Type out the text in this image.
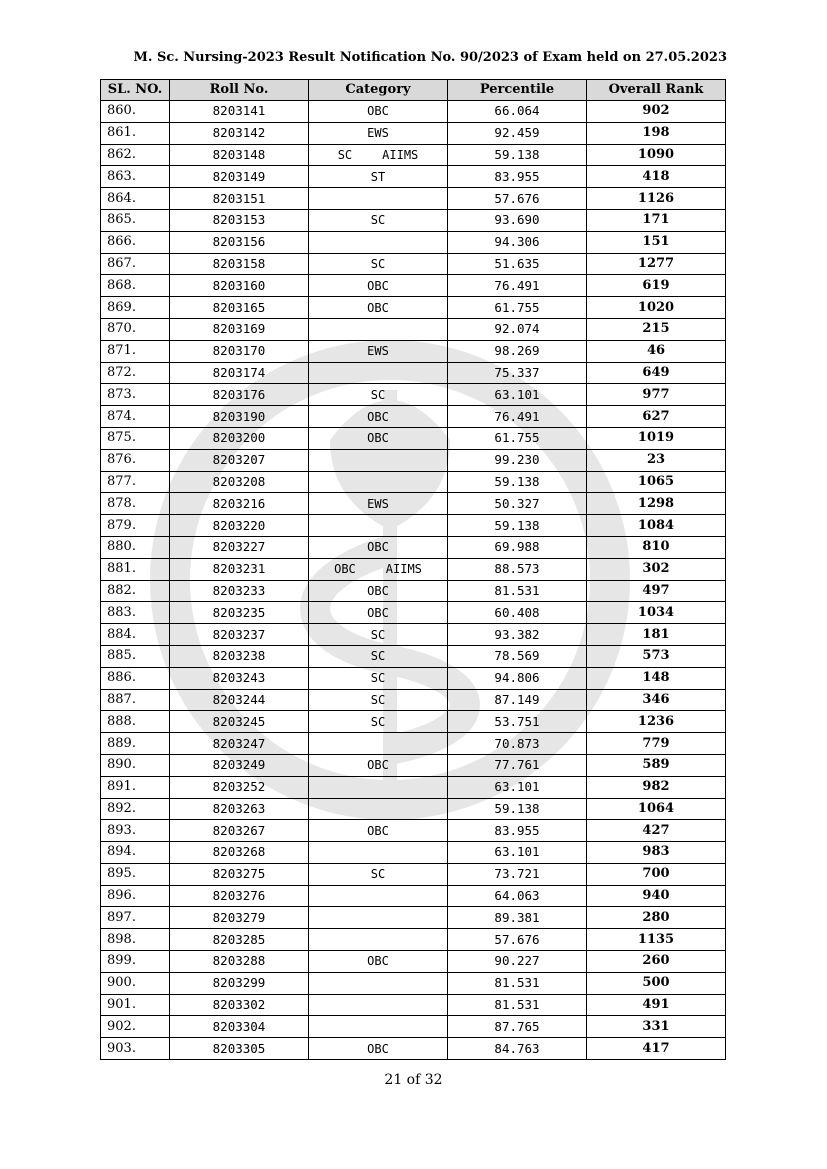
M. Sc. Nursing-2023 Result Notification No. 90/2023 of Exam held on 27.05.2023
SL. NO.	Roll No.	Category	Percentile	Overall Rank
860.	8203141	OBC	66.064	902
861.	8203142	EWS	92.459	198
862.	8203148	SC AIIMS	59.138	1090
863.	8203149	ST	83.955	418
864.	8203151		57.676	1126
865.	8203153	SC	93.690	171
866.	8203156		94.306	151
867.	8203158	SC	51.635	1277
868.	8203160	OBC	76.491	619
869.	8203165	OBC	61.755	1020
870.	8203169		92.074	215
871.	8203170	EWS	98.269	46
872.	8203174		75.337	649
873.	8203176	SC	63.101	977
874.	8203190	OBC	76.491	627
875.	8203200	OBC	61.755	1019
876.	8203207		99.230	23
877.	8203208		59.138	1065
878.	8203216	EWS	50.327	1298
879.	8203220		59.138	1084
880.	8203227	OBC	69.988	810
881.	8203231	OBC AIIMS	88.573	302
882.	8203233	OBC	81.531	497
883.	8203235	OBC	60.408	1034
884.	8203237	SC	93.382	181
885.	8203238	SC	78.569	573
886.	8203243	SC	94.806	148
887.	8203244	SC	87.149	346
888.	8203245	SC	53.751	1236
889.	8203247		70.873	779
890.	8203249	OBC	77.761	589
891.	8203252		63.101	982
892.	8203263		59.138	1064
893.	8203267	OBC	83.955	427
894.	8203268		63.101	983
895.	8203275	SC	73.721	700
896.	8203276		64.063	940
897.	8203279		89.381	280
898.	8203285		57.676	1135
899.	8203288	OBC	90.227	260
900.	8203299		81.531	500
901.	8203302		81.531	491
902.	8203304		87.765	331
903.	8203305	OBC	84.763	417
21 of 32
